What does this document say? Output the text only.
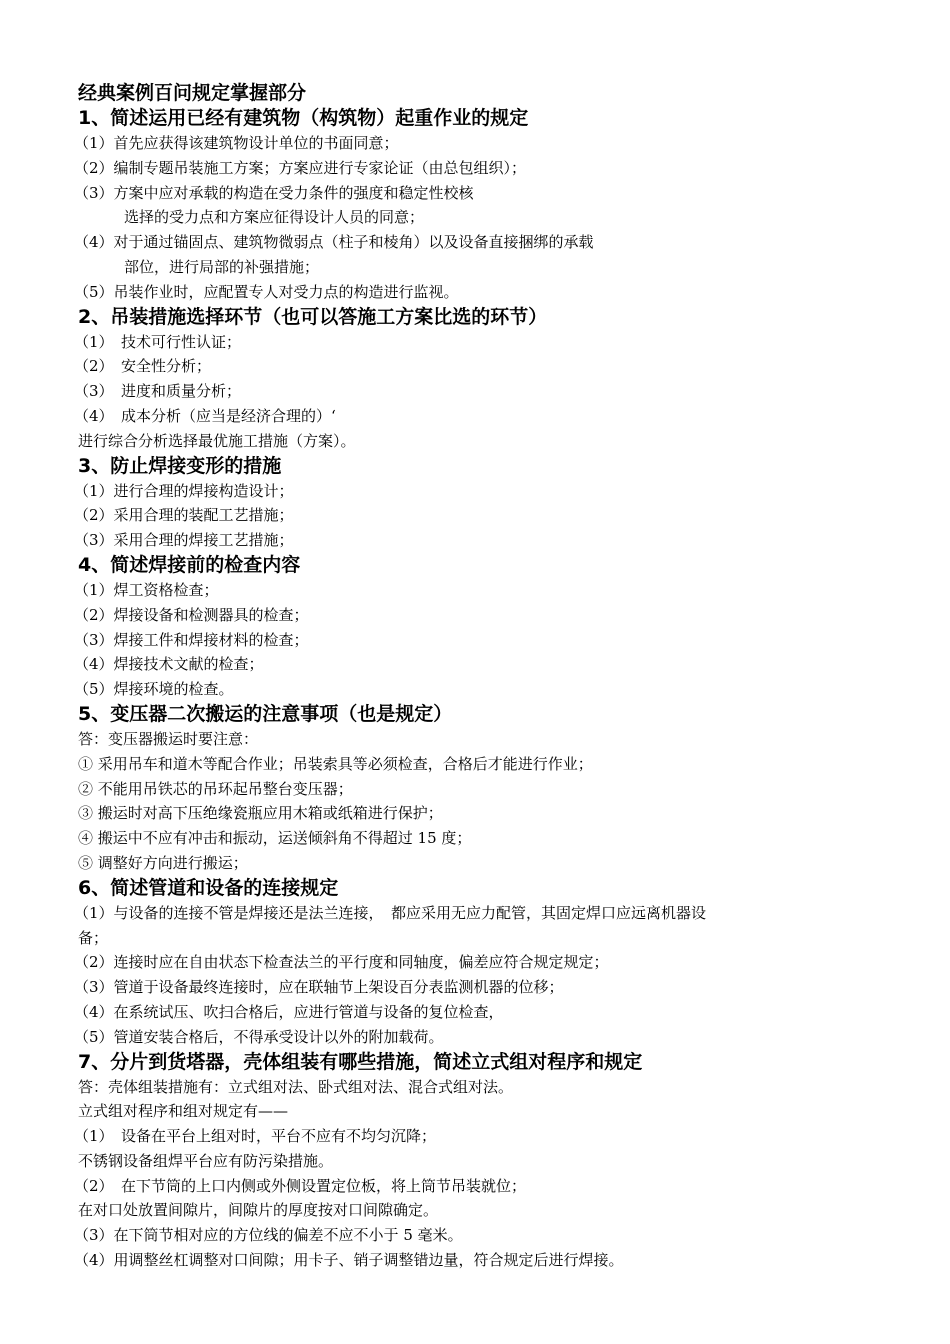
经典案例百问规定掌握部分
1、简述运用已经有建筑物（构筑物）起重作业的规定
（1）首先应获得该建筑物设计单位的书面同意；
（2）编制专题吊装施工方案；方案应进行专家论证（由总包组织）；
（3）方案中应对承载的构造在受力条件的强度和稳定性校核
选择的受力点和方案应征得设计人员的同意；
（4）对于通过锚固点、建筑物微弱点（柱子和棱角）以及设备直接捆绑的承载
部位，进行局部的补强措施；
（5）吊装作业时，应配置专人对受力点的构造进行监视。
2、吊装措施选择环节（也可以答施工方案比选的环节）
（1）　技术可行性认证；
（2）　安全性分析；
（3）　进度和质量分析；
（4）　成本分析（应当是经济合理的）‘
进行综合分析选择最优施工措施（方案）。
3、防止焊接变形的措施
（1）进行合理的焊接构造设计；
（2）采用合理的装配工艺措施；
（3）采用合理的焊接工艺措施；
4、简述焊接前的检查内容
（1）焊工资格检查；
（2）焊接设备和检测器具的检查；
（3）焊接工件和焊接材料的检查；
（4）焊接技术文献的检查；
（5）焊接环境的检查。
5、变压器二次搬运的注意事项（也是规定）
答：变压器搬运时要注意：
① 采用吊车和道木等配合作业；吊装索具等必须检查，合格后才能进行作业；
② 不能用吊铁芯的吊环起吊整台变压器；
③ 搬运时对高下压绝缘瓷瓶应用木箱或纸箱进行保护；
④ 搬运中不应有冲击和振动，运送倾斜角不得超过 15 度；
⑤ 调整好方向进行搬运；
6、简述管道和设备的连接规定
（1）与设备的连接不管是焊接还是法兰连接，　都应采用无应力配管，其固定焊口应远离机器设
备；
（2）连接时应在自由状态下检查法兰的平行度和同轴度，偏差应符合规定规定；
（3）管道于设备最终连接时，应在联轴节上架设百分表监测机器的位移；
（4）在系统试压、吹扫合格后，应进行管道与设备的复位检查，
（5）管道安装合格后，不得承受设计以外的附加载荷。
7、分片到货塔器，壳体组装有哪些措施，简述立式组对程序和规定
答：壳体组装措施有：立式组对法、卧式组对法、混合式组对法。
立式组对程序和组对规定有——
（1）　设备在平台上组对时，平台不应有不均匀沉降；
不锈钢设备组焊平台应有防污染措施。
（2）　在下节筒的上口内侧或外侧设置定位板，将上筒节吊装就位；
在对口处放置间隙片，间隙片的厚度按对口间隙确定。
（3）在下筒节相对应的方位线的偏差不应不小于 5 毫米。
（4）用调整丝杠调整对口间隙；用卡子、销子调整错边量，符合规定后进行焊接。
